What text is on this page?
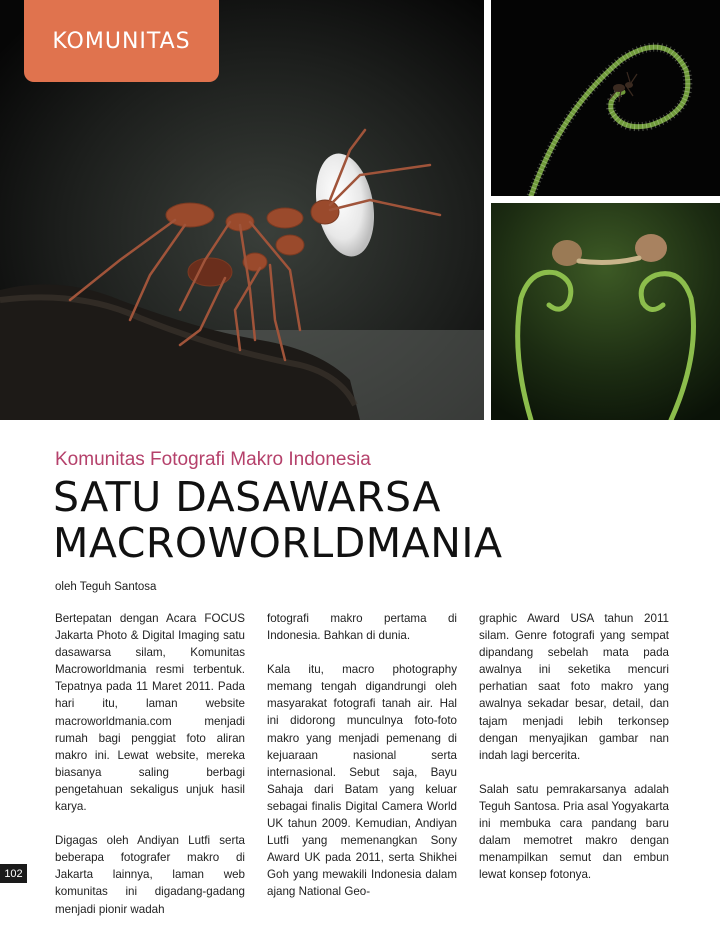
KOMUNITAS
Komunitas Fotografi Makro Indonesia
SATU DASAWARSA
MACROWORLDMANIA
oleh Teguh Santosa

Bertepatan dengan Acara FOCUS Jakarta Photo & Digital Imaging satu dasawarsa silam, Komunitas Macroworldmania resmi terbentuk. Tepatnya pada 11 Maret 2011. Pada hari itu, laman website macroworldmania.com menjadi rumah bagi penggiat foto aliran makro ini. Lewat website, mereka biasanya saling berbagi pengetahuan sekaligus unjuk hasil karya.

Digagas oleh Andiyan Lutfi serta beberapa fotografer makro di Jakarta lainnya, laman web komunitas ini digadang-gadang menjadi pionir wadah

fotografi makro pertama di Indonesia. Bahkan di dunia.

Kala itu, macro photography memang tengah digandrungi oleh masyarakat fotografi tanah air. Hal ini didorong munculnya foto-foto makro yang menjadi pemenang di kejuaraan nasional serta internasional. Sebut saja, Bayu Sahaja dari Batam yang keluar sebagai finalis Digital Camera World UK tahun 2009. Kemudian, Andiyan Lutfi yang memenangkan Sony Award UK pada 2011, serta Shikhei Goh yang mewakili Indonesia dalam ajang National Geo-

graphic Award USA tahun 2011 silam. Genre fotografi yang sempat dipandang sebelah mata pada awalnya ini seketika mencuri perhatian saat foto makro yang awalnya sekadar besar, detail, dan tajam menjadi lebih terkonsep dengan menyajikan gambar nan indah lagi bercerita.

Salah satu pemrakarsanya adalah Teguh Santosa. Pria asal Yogyakarta ini membuka cara pandang baru dalam memotret makro dengan menampilkan semut dan embun lewat konsep fotonya.

102
